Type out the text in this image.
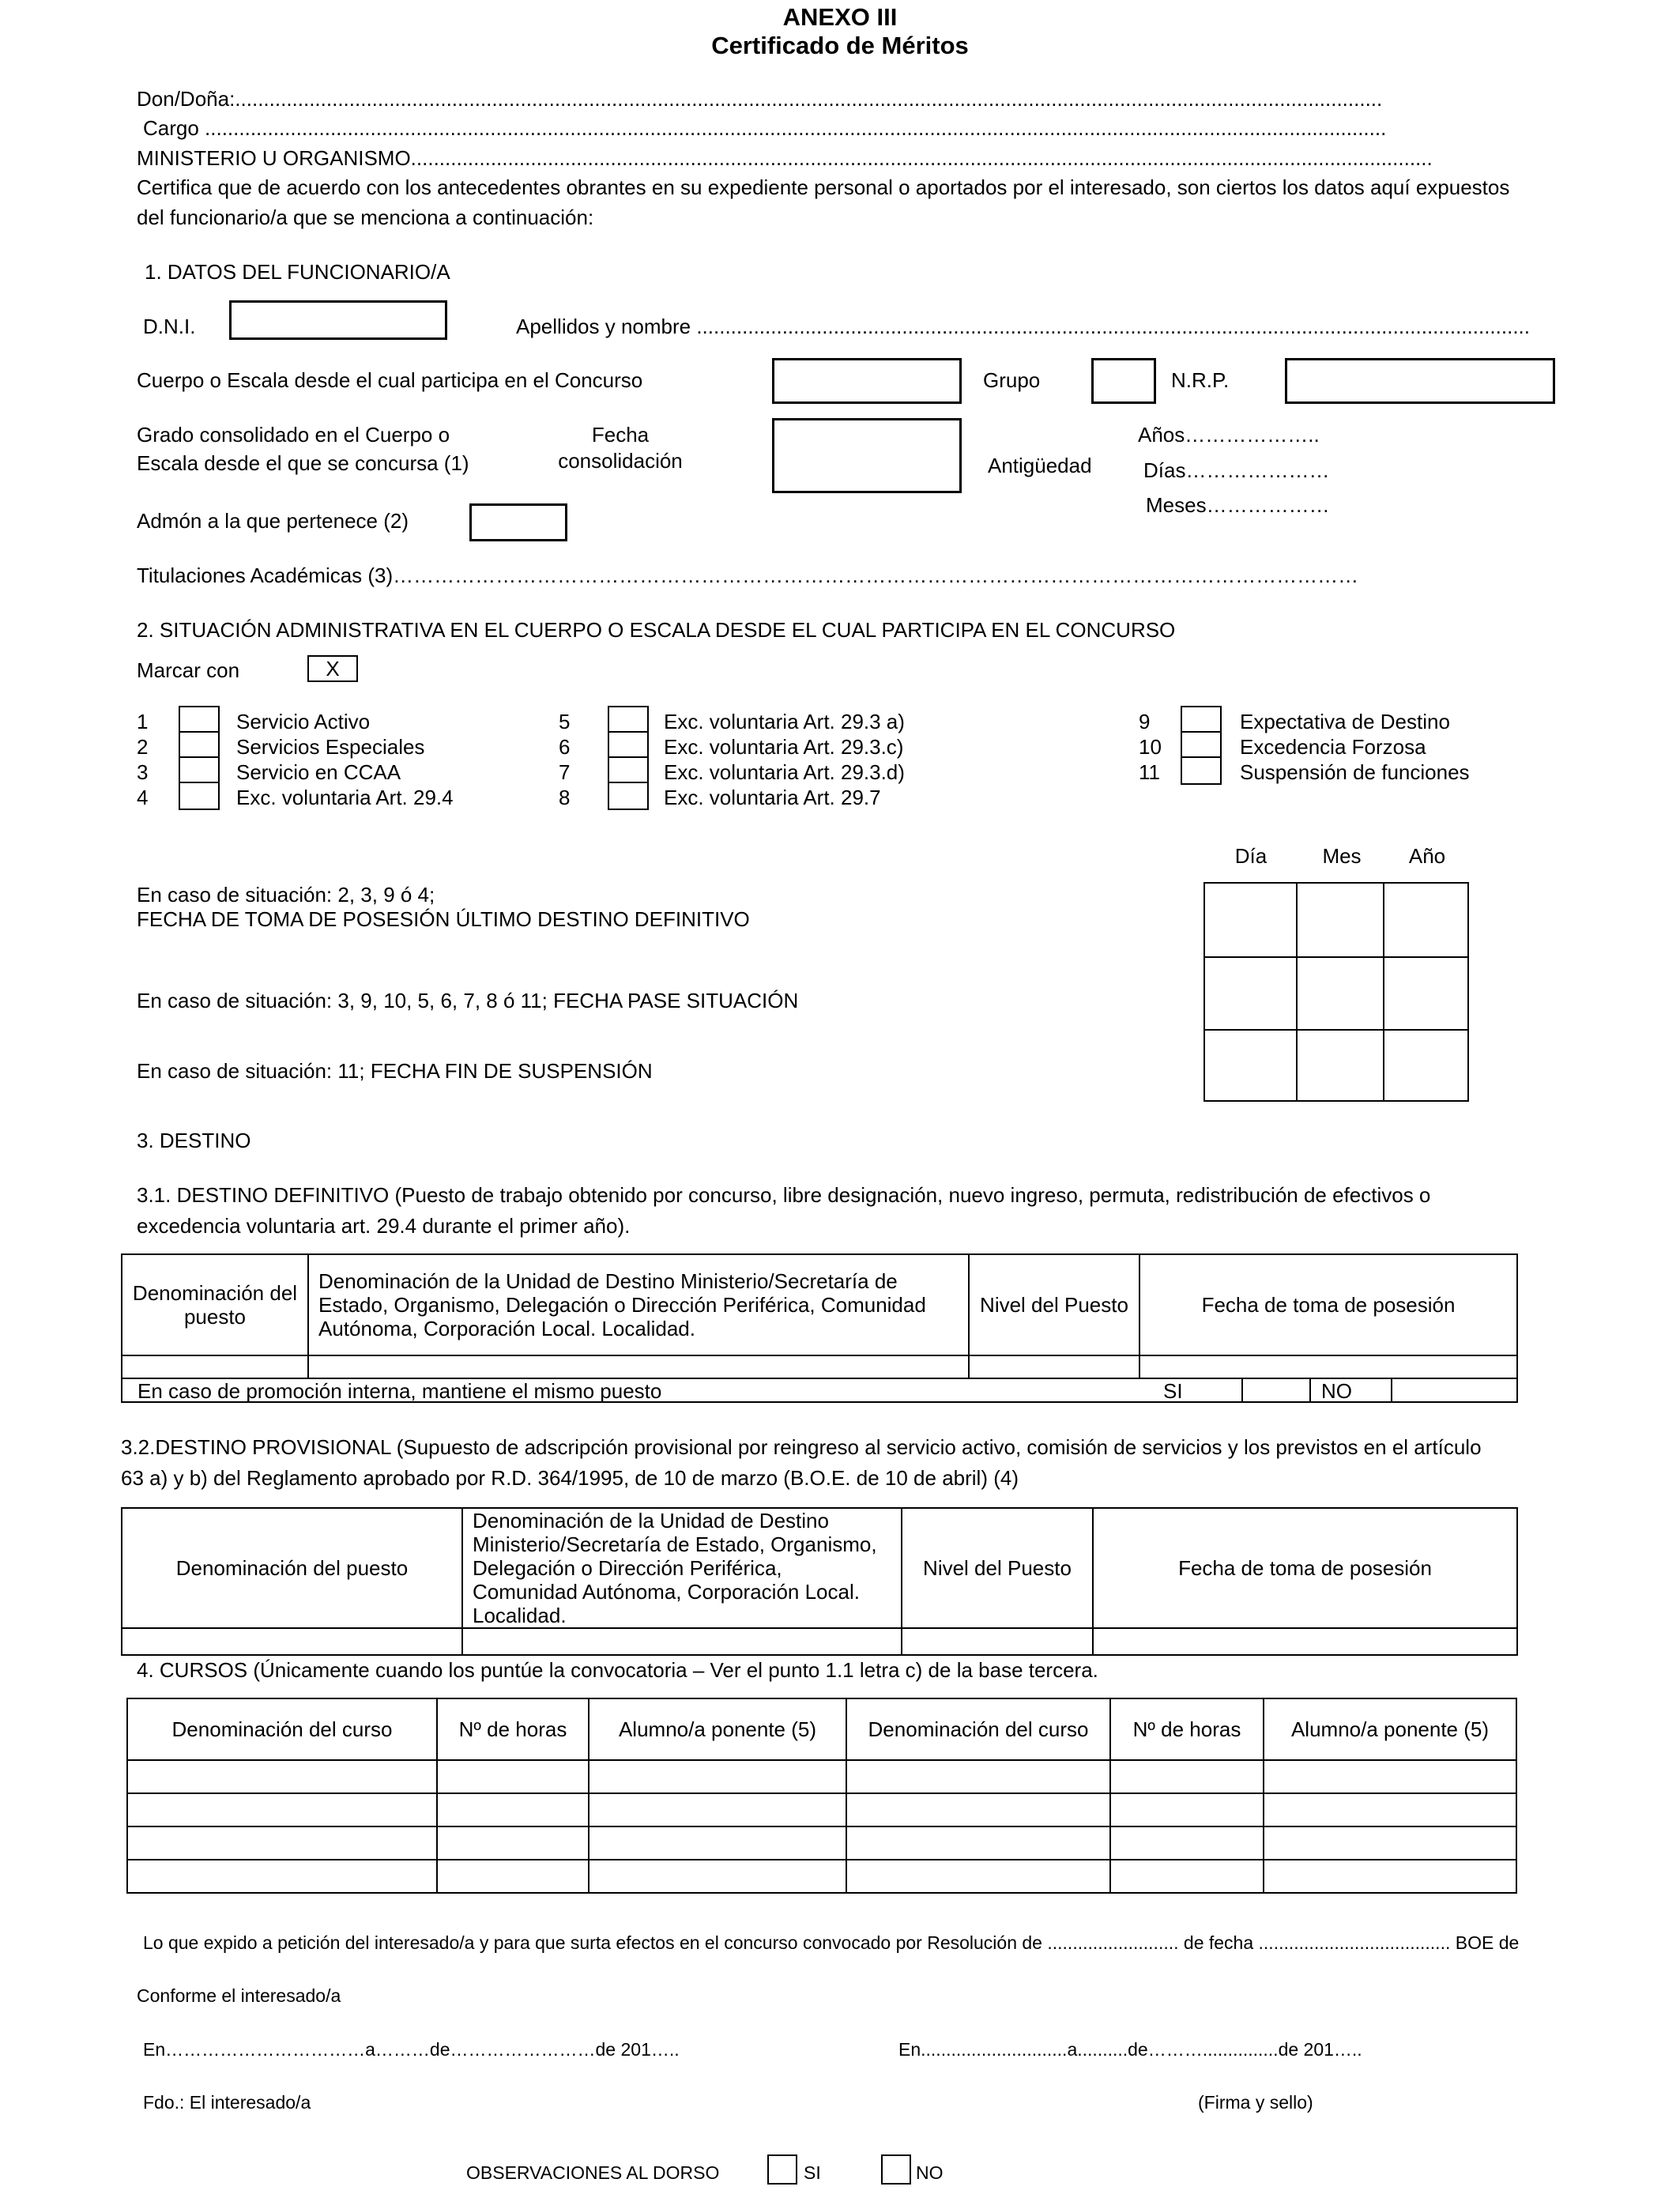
ANEXO III
Certificado de Méritos
Don/Doña:.........................................................................................................................................................................................................
Cargo ...............................................................................................................................................................................................................
MINISTERIO U ORGANISMO...................................................................................................................................................................................
Certifica que de acuerdo con los antecedentes obrantes en su expediente personal o aportados por el interesado, son ciertos los datos aquí expuestos
del funcionario/a que se menciona a continuación:
1. DATOS DEL FUNCIONARIO/A
D.N.I.	Apellidos y nombre ..................................................................................................................................................
Cuerpo o Escala desde el cual participa en el Concurso	Grupo	N.R.P.
Grado consolidado en el Cuerpo o
Escala desde el que se concursa (1)
Fecha
consolidación	Antigüedad
Años………………..
Días…………………
Meses………………
Admón a la que pertenece (2)
Titulaciones Académicas (3)……………………………………………………………………………………………………………………………
2. SITUACIÓN ADMINISTRATIVA EN EL CUERPO O ESCALA DESDE EL CUAL PARTICIPA EN EL CONCURSO
Marcar con	X
1	Servicio Activo
2	Servicios Especiales
3	Servicio en CCAA
4	Exc. voluntaria Art. 29.4
5	Exc. voluntaria Art. 29.3 a)
6	Exc. voluntaria Art. 29.3.c)
7	Exc. voluntaria Art. 29.3.d)
8	Exc. voluntaria Art. 29.7
9	Expectativa de Destino
10	Excedencia Forzosa
11	Suspensión de funciones
Día	Mes	Año

En caso de situación: 2, 3, 9 ó 4;
FECHA DE TOMA DE POSESIÓN ÚLTIMO DESTINO DEFINITIVO
En caso de situación: 3, 9, 10, 5, 6, 7, 8 ó 11; FECHA PASE SITUACIÓN
En caso de situación: 11; FECHA FIN DE SUSPENSIÓN
3. DESTINO
3.1. DESTINO DEFINITIVO (Puesto de trabajo obtenido por concurso, libre designación, nuevo ingreso, permuta, redistribución de efectivos o
excedencia voluntaria art. 29.4 durante el primer año).
Denominación del puesto	Denominación de la Unidad de Destino Ministerio/Secretaría de Estado, Organismo, Delegación o Dirección Periférica, Comunidad Autónoma, Corporación Local. Localidad.	Nivel del Puesto	Fecha de toma de posesión

En caso de promoción interna, mantiene el mismo puesto	SI	NO
3.2.DESTINO PROVISIONAL (Supuesto de adscripción provisional por reingreso al servicio activo, comisión de servicios y los previstos en el artículo
63 a) y b) del Reglamento aprobado por R.D. 364/1995, de 10 de marzo (B.O.E. de 10 de abril) (4)
Denominación del puesto	Denominación de la Unidad de Destino Ministerio/Secretaría de Estado, Organismo, Delegación o Dirección Periférica, Comunidad Autónoma, Corporación Local. Localidad.	Nivel del Puesto	Fecha de toma de posesión

4. CURSOS (Únicamente cuando los puntúe la convocatoria – Ver el punto 1.1 letra c) de la base tercera.
Denominación del curso	Nº de horas	Alumno/a ponente (5)	Denominación del curso	Nº de horas	Alumno/a ponente (5)

Lo que expido a petición del interesado/a y para que surta efectos en el concurso convocado por Resolución de .......................... de fecha ...................................... BOE de
Conforme el interesado/a
En……………………………a………de……………………de 201…..	En.............................a..........de………...............de 201…..
Fdo.: El interesado/a	(Firma y sello)
OBSERVACIONES AL DORSO	SI	NO
